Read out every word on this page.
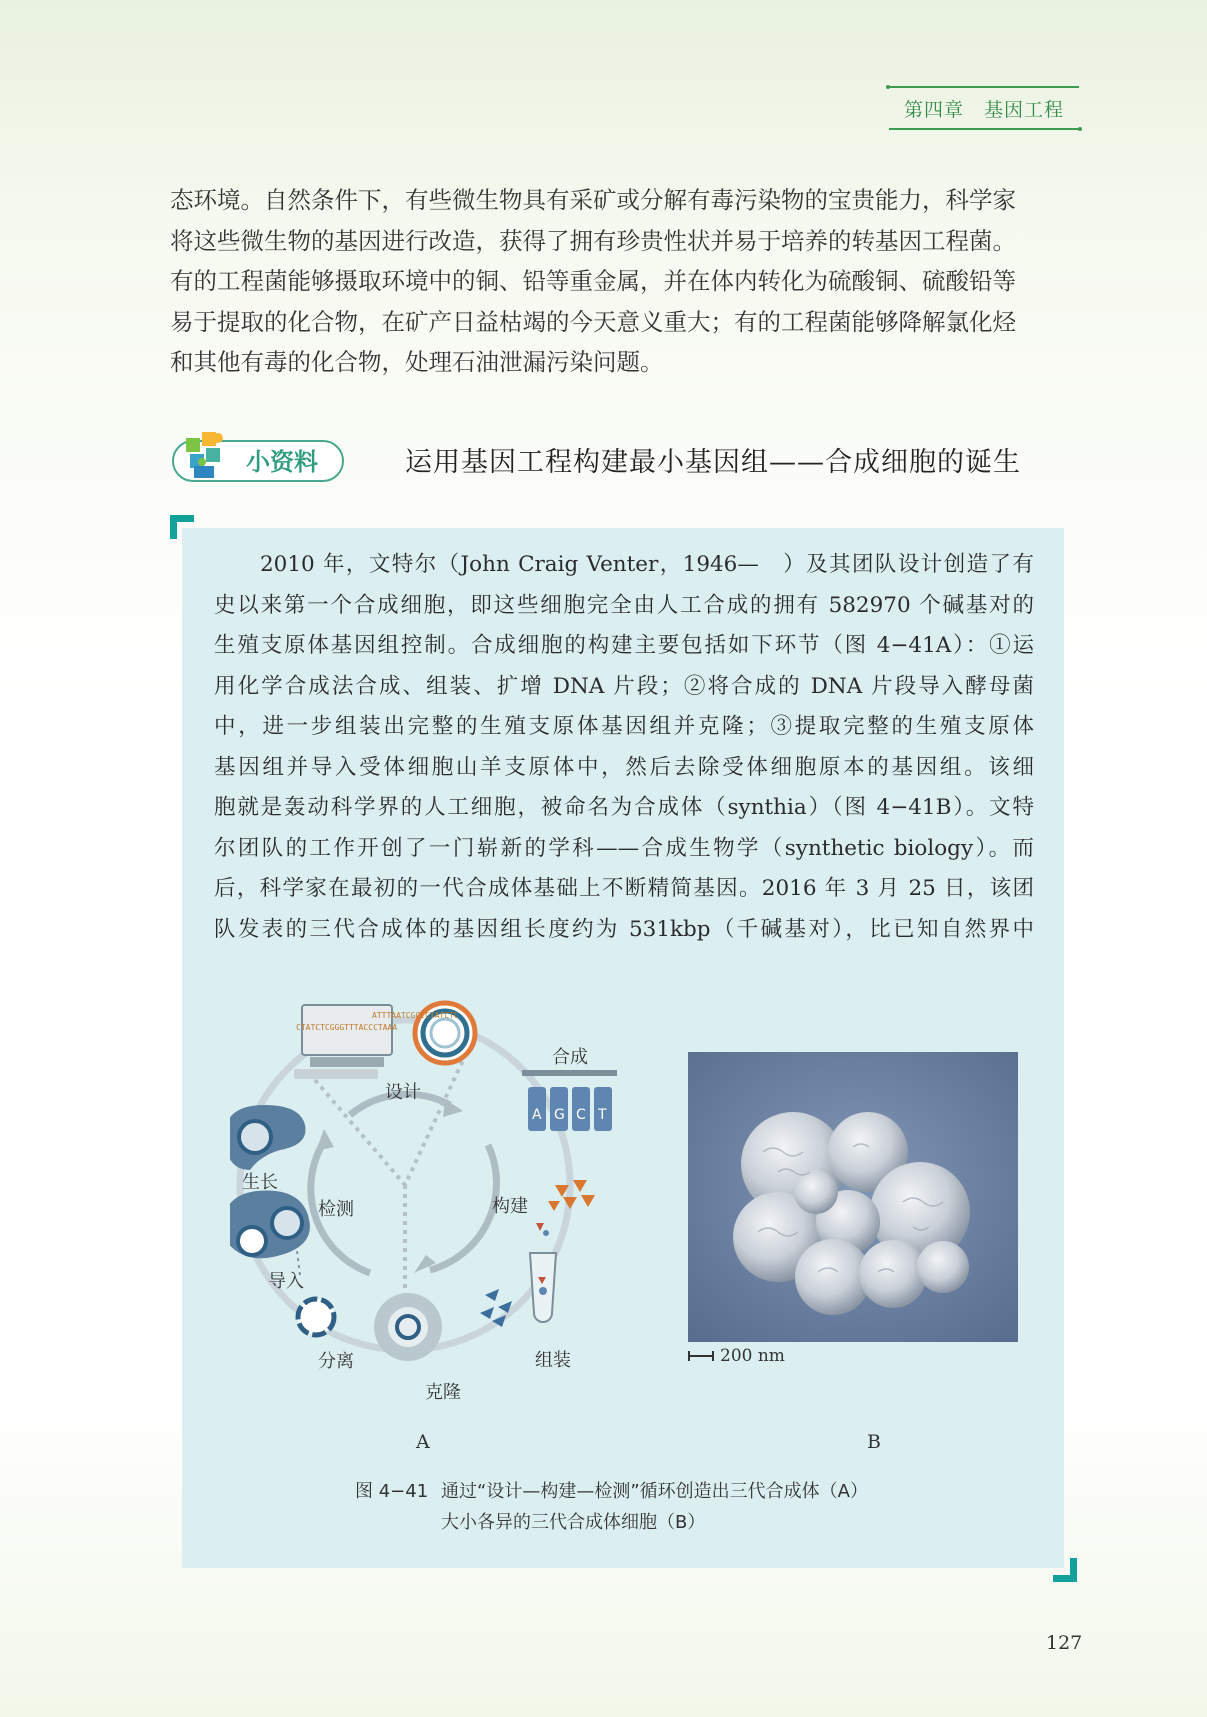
第四章 基因工程
态环境。自然条件下，有些微生物具有采矿或分解有毒污染物的宝贵能力，科学家
将这些微生物的基因进行改造，获得了拥有珍贵性状并易于培养的转基因工程菌。
有的工程菌能够摄取环境中的铜、铅等重金属，并在体内转化为硫酸铜、硫酸铅等
易于提取的化合物，在矿产日益枯竭的今天意义重大；有的工程菌能够降解氯化烃
和其他有毒的化合物，处理石油泄漏污染问题。
小资料	运用基因工程构建最小基因组——合成细胞的诞生
2010 年，文特尔（John Craig Venter，1946—　）及其团队设计创造了有
史以来第一个合成细胞，即这些细胞完全由人工合成的拥有 582970 个碱基对的
生殖支原体基因组控制。合成细胞的构建主要包括如下环节（图 4−41A）：①运
用化学合成法合成、组装、扩增 DNA 片段；②将合成的 DNA 片段导入酵母菌
中，进一步组装出完整的生殖支原体基因组并克隆；③提取完整的生殖支原体
基因组并导入受体细胞山羊支原体中，然后去除受体细胞原本的基因组。该细
胞就是轰动科学界的人工细胞，被命名为合成体（synthia）（图 4−41B）。文特
尔团队的工作开创了一门崭新的学科——合成生物学（synthetic biology）。而
后，科学家在最初的一代合成体基础上不断精简基因。2016 年 3 月 25 日，该团
队发表的三代合成体的基因组长度约为 531kbp（千碱基对），比已知自然界中
ATTTAATCGCCCTATCTC
CTATCTCGGGTTTACCCTAAA
合成
设计
生长
检测	构建
导入
分离	组装
克隆
A G C T
200 nm
A	B
图 4−41 通过“设计—构建—检测”循环创造出三代合成体（A）
大小各异的三代合成体细胞（B）
127
